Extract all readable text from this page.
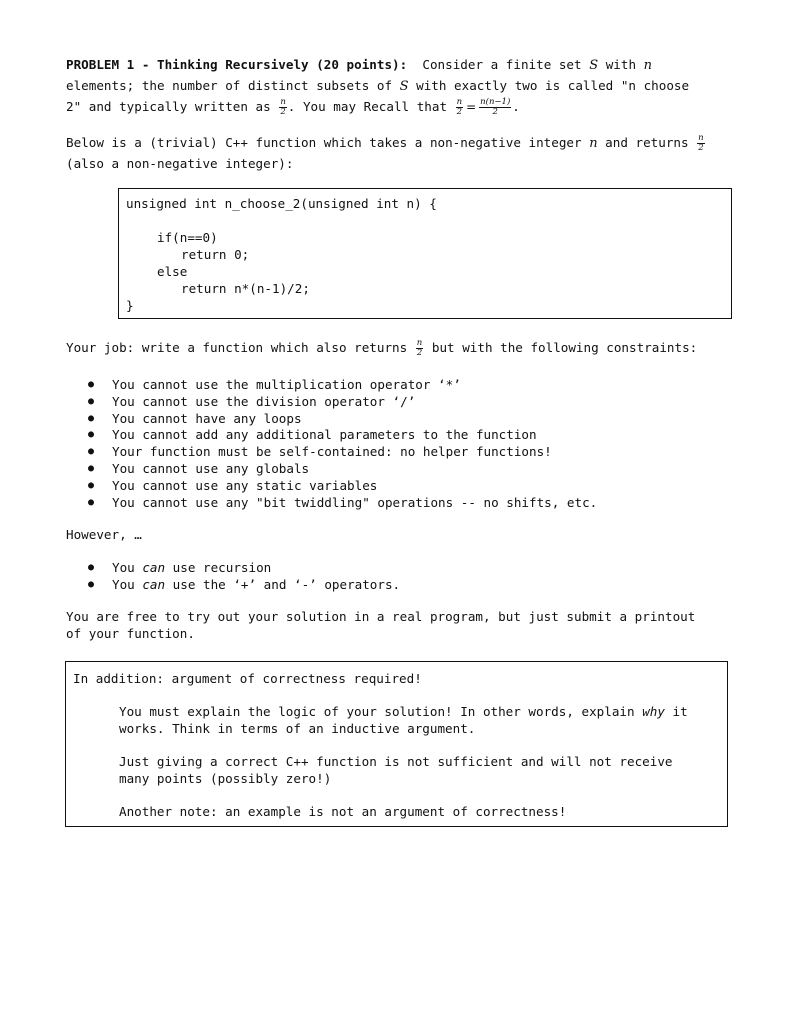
PROBLEM 1 - Thinking Recursively (20 points): Consider a finite set S with n
elements; the number of distinct subsets of S with exactly two is called "n choose
2" and typically written as $\frac{n}{2}$ . You may Recall that $\frac{n}{2} = \frac{n(n-1)}{2}$ .
Below is a (trivial) C++ function which takes a non-negative integer n and returns $\frac{n}{2}$
(also a non-negative integer):
unsigned int n_choose_2(unsigned int n) {
if(n==0)
return 0;
else
return n*(n-1)/2;
}
Your job: write a function which also returns $\frac{n}{2}$ but with the following constraints:
● You cannot use the multiplication operator ‘*’
● You cannot use the division operator ‘/’
● You cannot have any loops
● You cannot add any additional parameters to the function
● Your function must be self-contained: no helper functions!
● You cannot use any globals
● You cannot use any static variables
● You cannot use any "bit twiddling" operations -- no shifts, etc.
However, …
● You can use recursion
● You can use the ‘+’ and ‘-’ operators.
You are free to try out your solution in a real program, but just submit a printout
of your function.
In addition: argument of correctness required!
You must explain the logic of your solution! In other words, explain why it
works. Think in terms of an inductive argument.
Just giving a correct C++ function is not sufficient and will not receive
many points (possibly zero!)
Another note: an example is not an argument of correctness!
